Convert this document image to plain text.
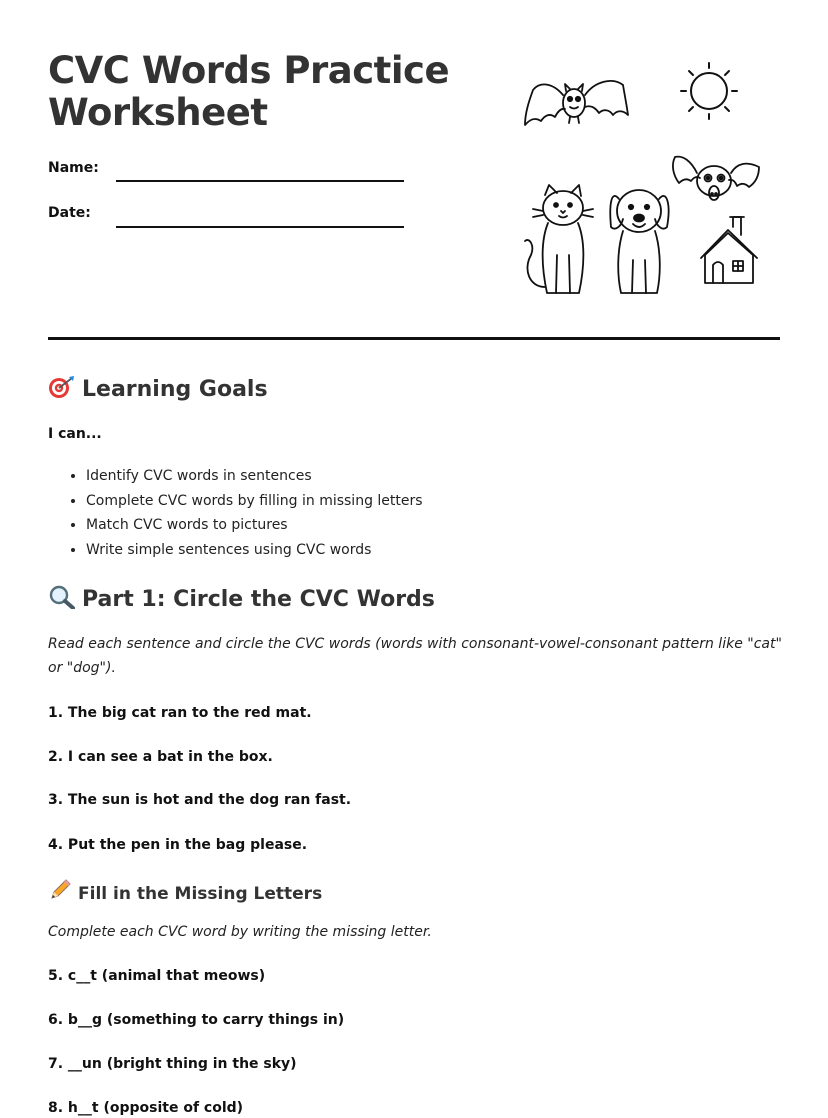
CVC Words Practice Worksheet
Name:
Date:
Learning Goals
I can...
• Identify CVC words in sentences
• Complete CVC words by filling in missing letters
• Match CVC words to pictures
• Write simple sentences using CVC words
Part 1: Circle the CVC Words

Read each sentence and circle the CVC words (words with consonant-vowel-consonant pattern like "cat" or "dog").

1. The big cat ran to the red mat.
2. I can see a bat in the box.
3. The sun is hot and the dog ran fast.
4. Put the pen in the bag please.
Fill in the Missing Letters

Complete each CVC word by writing the missing letter.

5. c__t (animal that meows)
6. b__g (something to carry things in)
7. __un (bright thing in the sky)
8. h__t (opposite of cold)
